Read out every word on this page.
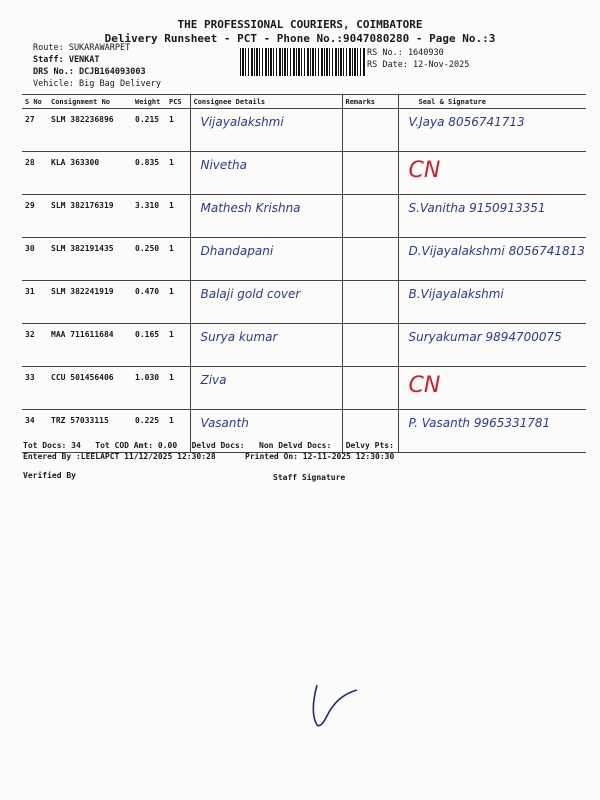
THE PROFESSIONAL COURIERS, COIMBATORE
Delivery Runsheet - PCT - Phone No.:9047080280 - Page No.:3
Route: SUKARAWARPET
Staff: VENKAT
DRS No.: DCJB164093003
Vehicle: Big Bag Delivery
RS No.: 1640930
RS Date: 12-Nov-2025
S No	Consignment No	Weight	PCS	Consignee Details	Remarks	Seal & Signature
27	SLM 382236896	0.215	1	Vijayalakshmi		V.Jaya 8056741713

28	KLA 363300	0.835	1	Nivetha		CN

29	SLM 382176319	3.310	1	Mathesh Krishna		S.Vanitha 9150913351

30	SLM 382191435	0.250	1	Dhandapani		D.Vijayalakshmi 8056741813

31	SLM 382241919	0.470	1	Balaji gold cover		B.Vijayalakshmi

32	MAA 711611684	0.165	1	Surya kumar		Suryakumar 9894700075

33	CCU 501456406	1.030	1	Ziva		CN

34	TRZ 57033115	0.225	1	Vasanth		P. Vasanth 9965331781
Tot Docs: 34 Tot COD Amt: 0.00 Delvd Docs: Non Delvd Docs: Delvy Pts:
Entered By :LEELAPCT 11/12/2025 12:30:28	Printed On: 12-11-2025 12:30:30
Verified By	Staff Signature
